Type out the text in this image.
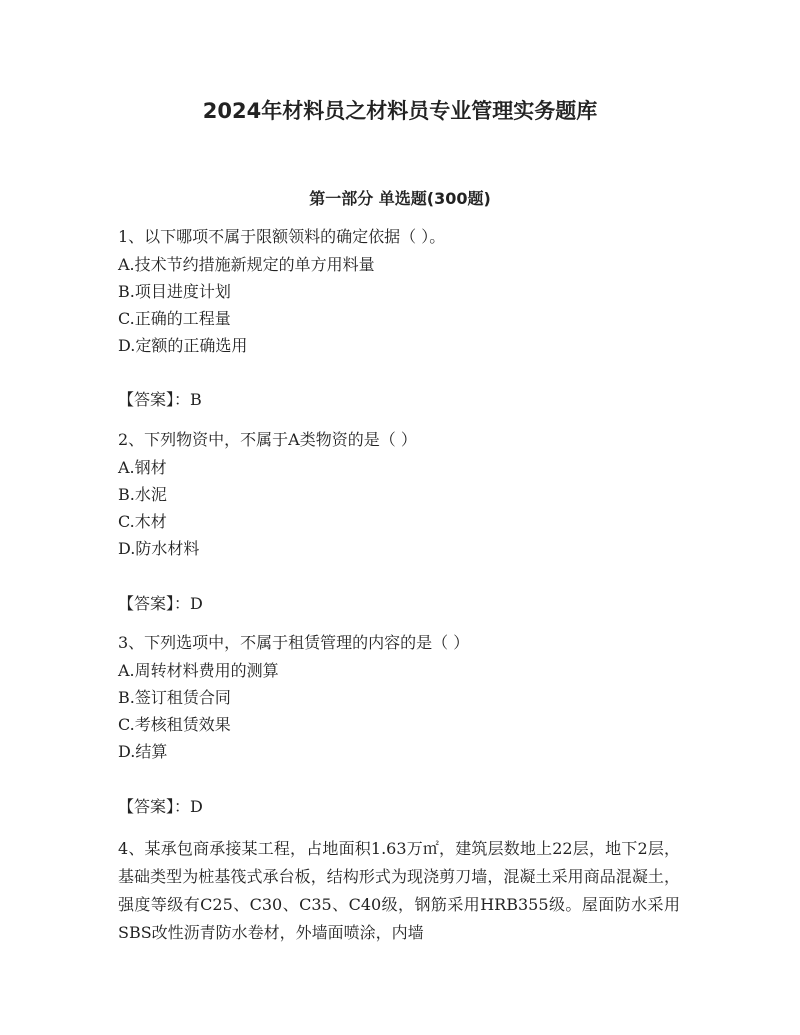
2024年材料员之材料员专业管理实务题库
第一部分 单选题(300题)
1、以下哪项不属于限额领料的确定依据（ ）。
A.技术节约措施新规定的单方用料量
B.项目进度计划
C.正确的工程量
D.定额的正确选用
【答案】：B
2、下列物资中，不属于A类物资的是（ ）
A.钢材
B.水泥
C.木材
D.防水材料
【答案】：D
3、下列选项中，不属于租赁管理的内容的是（ ）
A.周转材料费用的测算
B.签订租赁合同
C.考核租赁效果
D.结算
【答案】：D
4、某承包商承接某工程，占地面积1.63万㎡，建筑层数地上22层，地下2层，基础类型为桩基筏式承台板，结构形式为现浇剪刀墙，混凝土采用商品混凝土，强度等级有C25、C30、C35、C40级，钢筋采用HRB355级。屋面防水采用SBS改性沥青防水卷材，外墙面喷涂，内墙
